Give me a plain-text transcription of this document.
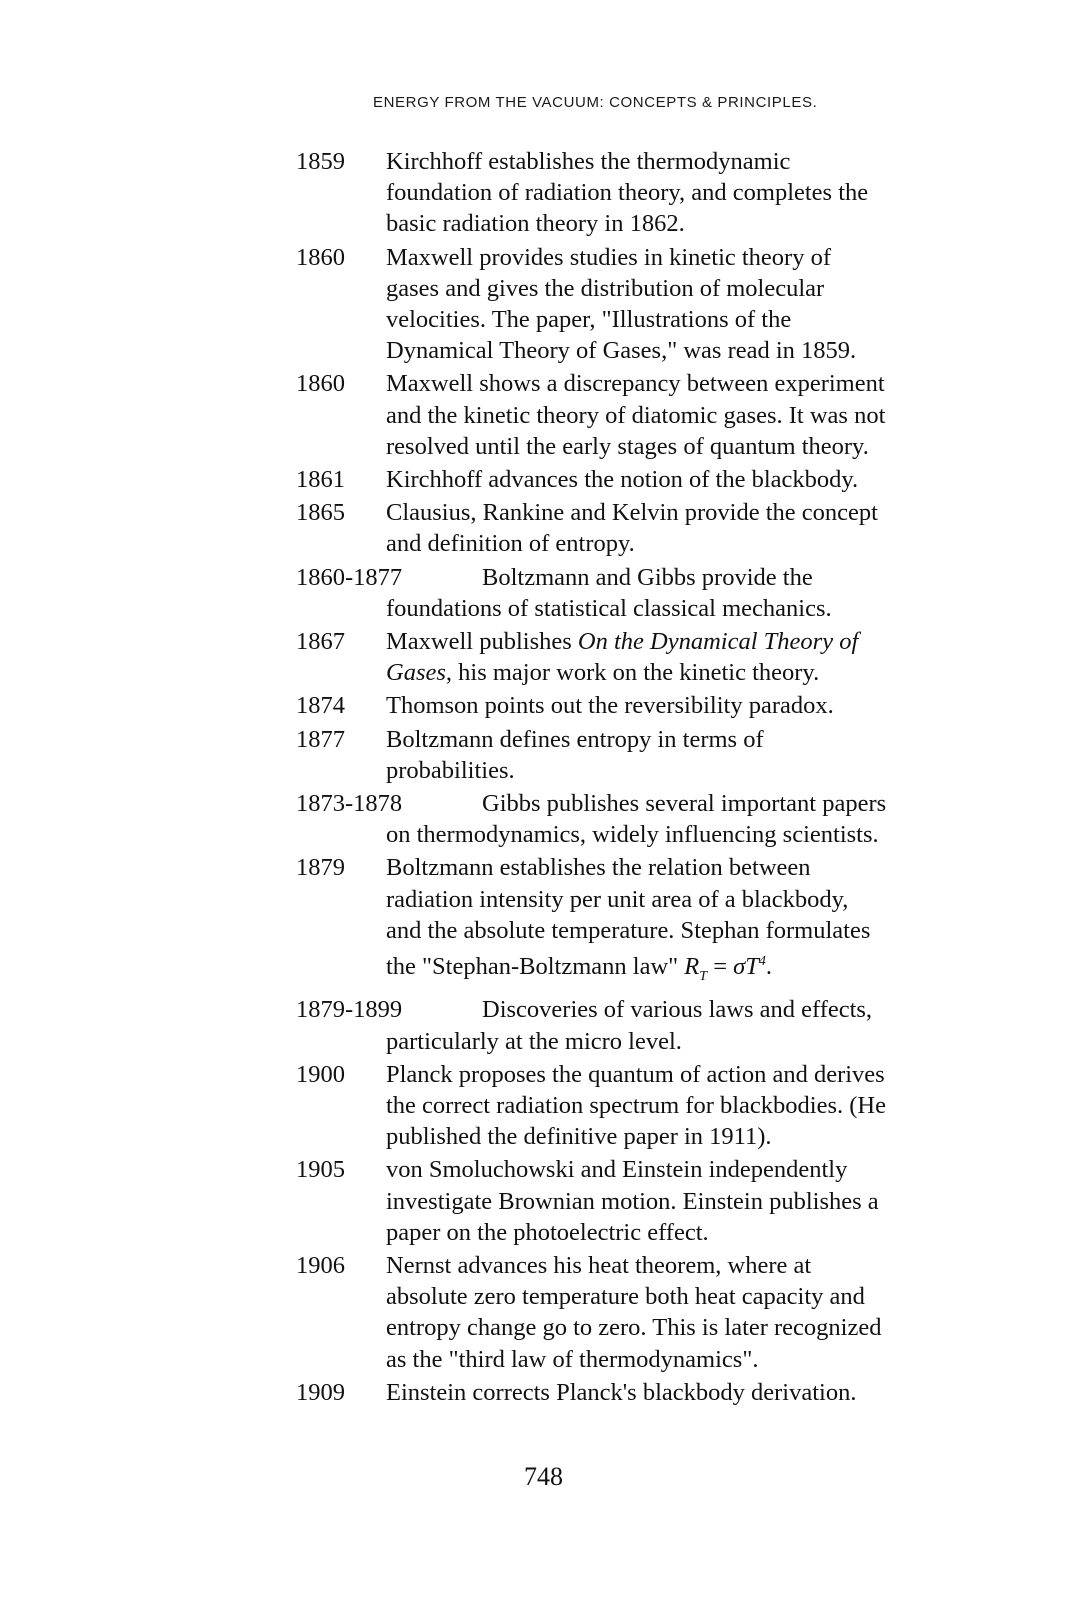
ENERGY FROM THE VACUUM: CONCEPTS & PRINCIPLES.
1859 Kirchhoff establishes the thermodynamic
foundation of radiation theory, and completes the
basic radiation theory in 1862.
1860 Maxwell provides studies in kinetic theory of
gases and gives the distribution of molecular
velocities. The paper, "Illustrations of the
Dynamical Theory of Gases," was read in 1859.
1860 Maxwell shows a discrepancy between experiment
and the kinetic theory of diatomic gases. It was not
resolved until the early stages of quantum theory.
1861 Kirchhoff advances the notion of the blackbody.
1865 Clausius, Rankine and Kelvin provide the concept
and definition of entropy.
1860-1877	Boltzmann and Gibbs provide the
foundations of statistical classical mechanics.
1867 Maxwell publishes On the Dynamical Theory of
Gases, his major work on the kinetic theory.
1874 Thomson points out the reversibility paradox.
1877 Boltzmann defines entropy in terms of
probabilities.
1873-1878	Gibbs publishes several important papers
on thermodynamics, widely influencing scientists.
1879 Boltzmann establishes the relation between
radiation intensity per unit area of a blackbody,
and the absolute temperature. Stephan formulates
the "Stephan-Boltzmann law" $R_T = \sigma T^4$.
1879-1899	Discoveries of various laws and effects,
particularly at the micro level.
1900 Planck proposes the quantum of action and derives
the correct radiation spectrum for blackbodies. (He
published the definitive paper in 1911).
1905 von Smoluchowski and Einstein independently
investigate Brownian motion. Einstein publishes a
paper on the photoelectric effect.
1906 Nernst advances his heat theorem, where at
absolute zero temperature both heat capacity and
entropy change go to zero. This is later recognized
as the "third law of thermodynamics".
1909 Einstein corrects Planck's blackbody derivation.
748
